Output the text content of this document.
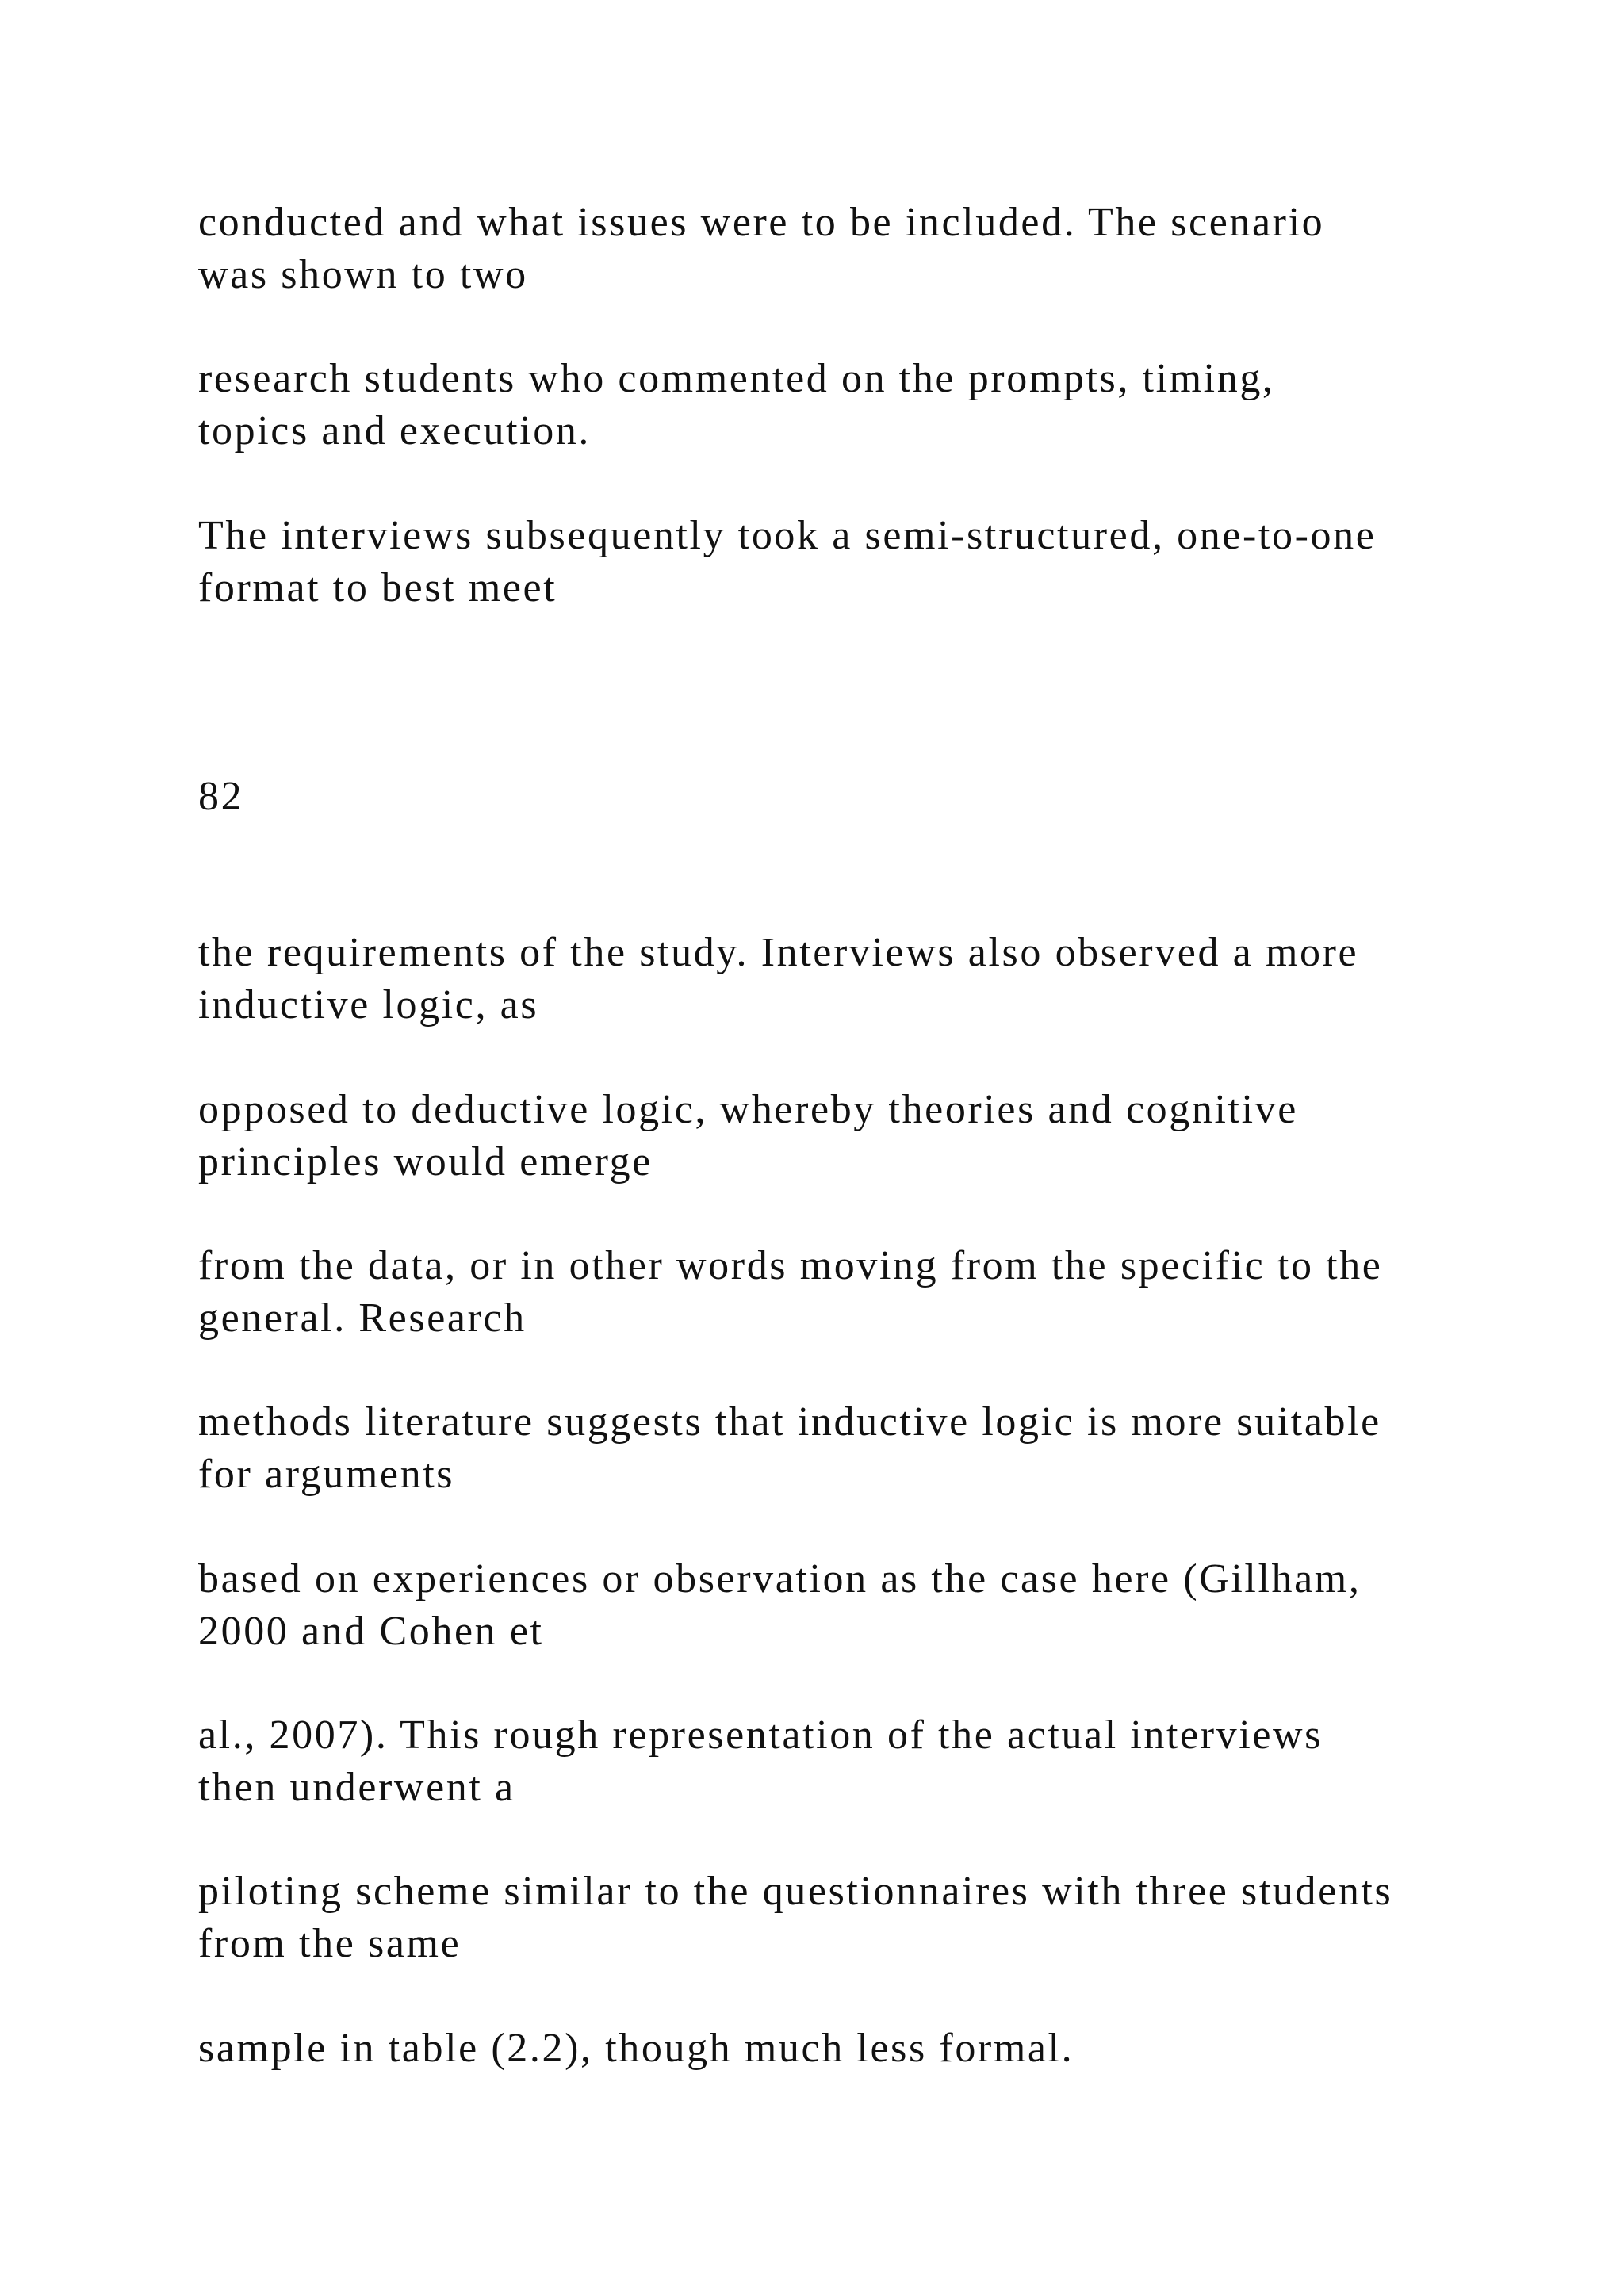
conducted and what issues were to be included. The scenario

was shown to two

research students who commented on the prompts, timing,

topics and execution.

The interviews subsequently took a semi-structured, one-to-one

format to best meet

82

the requirements of the study. Interviews also observed a more

inductive logic, as

opposed to deductive logic, whereby theories and cognitive

principles would emerge

from the data, or in other words moving from the specific to the

general. Research

methods literature suggests that inductive logic is more suitable

for arguments

based on experiences or observation as the case here (Gillham,

2000 and Cohen et

al., 2007). This rough representation of the actual interviews

then underwent a

piloting scheme similar to the questionnaires with three students

from the same

sample in table (2.2), though much less formal.
